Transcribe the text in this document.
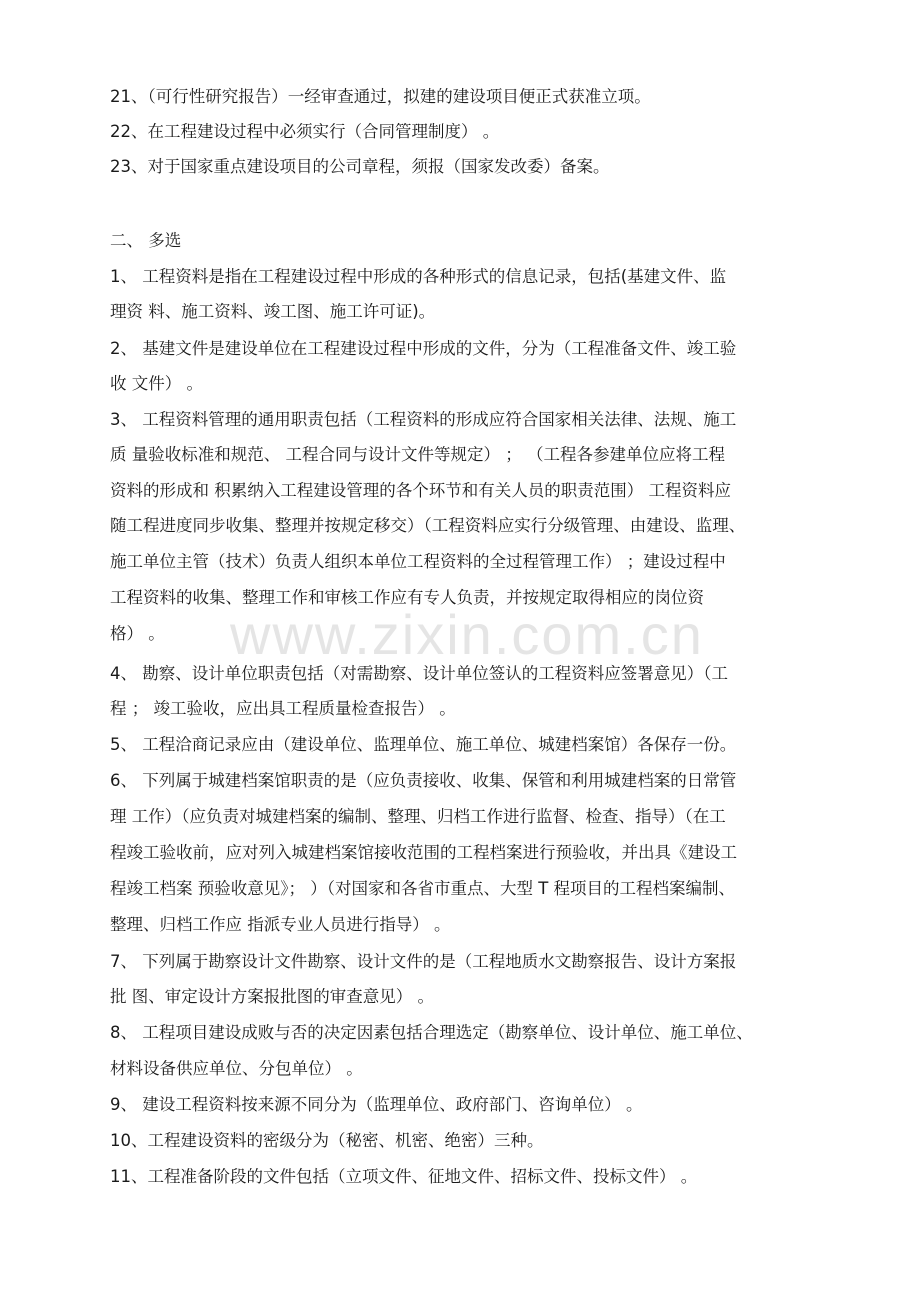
www.zixin.com.cn
21、（可行性研究报告）一经审查通过，拟建的建设项目便正式获准立项。
22、在工程建设过程中必须实行（合同管理制度） 。
23、对于国家重点建设项目的公司章程，须报（国家发改委）备案。
二、 多选
1、 工程资料是指在工程建设过程中形成的各种形式的信息记录，包括(基建文件、监
理资 料、施工资料、竣工图、施工许可证)。
2、 基建文件是建设单位在工程建设过程中形成的文件，分为（工程准备文件、竣工验
收 文件） 。
3、 工程资料管理的通用职责包括（工程资料的形成应符合国家相关法律、法规、施工
质 量验收标准和规范、 工程合同与设计文件等规定） ； （工程各参建单位应将工程
资料的形成和 积累纳入工程建设管理的各个环节和有关人员的职责范围） 工程资料应
随工程进度同步收集、整理并按规定移交）（工程资料应实行分级管理、由建设、监理、
施工单位主管（技术）负责人组织本单位工程资料的全过程管理工作） ；建设过程中
工程资料的收集、整理工作和审核工作应有专人负责，并按规定取得相应的岗位资
格） 。
4、 勘察、设计单位职责包括（对需勘察、设计单位签认的工程资料应签署意见）（工
程 ； 竣工验收，应出具工程质量检查报告） 。
5、 工程洽商记录应由（建设单位、监理单位、施工单位、城建档案馆）各保存一份。
6、 下列属于城建档案馆职责的是（应负责接收、收集、保管和利用城建档案的日常管
理 工作）（应负责对城建档案的编制、整理、归档工作进行监督、检查、指导）（在工
程竣工验收前，应对列入城建档案馆接收范围的工程档案进行预验收，并出具《建设工
程竣工档案 预验收意见》； ）（对国家和各省市重点、大型 T 程项目的工程档案编制、
整理、归档工作应 指派专业人员进行指导） 。
7、 下列属于勘察设计文件勘察、设计文件的是（工程地质水文勘察报告、设计方案报
批 图、审定设计方案报批图的审查意见） 。
8、 工程项目建设成败与否的决定因素包括合理选定（勘察单位、设计单位、施工单位、
材料设备供应单位、分包单位） 。
9、 建设工程资料按来源不同分为（监理单位、政府部门、咨询单位） 。
10、工程建设资料的密级分为（秘密、机密、绝密）三种。
11、工程准备阶段的文件包括（立项文件、征地文件、招标文件、投标文件） 。
